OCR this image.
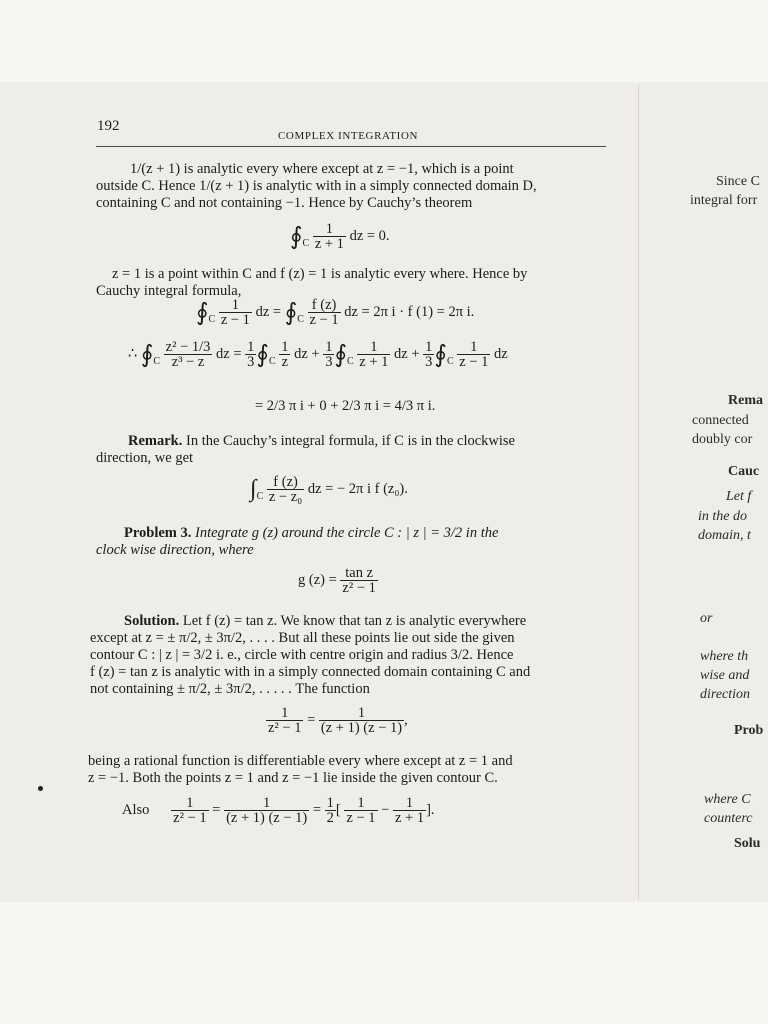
192
COMPLEX INTEGRATION
1/(z + 1) is analytic every where except at z = −1, which is a point
outside C. Hence 1/(z + 1) is analytic with in a simply connected domain D,
containing C and not containing −1. Hence by Cauchy’s theorem
$∮_C \frac{1}{z + 1}$ dz = 0.
z = 1 is a point within C and f (z) = 1 is analytic every where. Hence by
Cauchy integral formula,
$∮_C \frac{1}{z - 1}$ dz = $∮_C \frac{f (z)}{z - 1}$ dz = 2π i · f (1) = 2π i.
∴ $∮_C \frac{\text{z² − 1/3}}{\text{z³ − z}}$ dz = $\frac{1}{3}$ $∮_C \frac{1}{z}$ dz + $\frac{1}{3}$ $∮_C \frac{1}{z + 1}$ dz + $\frac{1}{3}$ $∮_C \frac{1}{z - 1}$ dz
= 2/3 π i + 0 + 2/3 π i = 4/3 π i.
Remark. In the Cauchy’s integral formula, if C is in the clockwise
direction, we get
$\int_C \frac{f (z)}{\text{z − z₀}}$ dz = − 2π i f (z₀).
Problem 3. Integrate g (z) around the circle C : | z | = 3/2 in the
clock wise direction, where
g $(z) = \frac{\text{tan z}}{\text{z² − 1}}$
Solution. Let f (z) = tan z. We know that tan z is analytic everywhere
except at z = ± π/2, ± 3π/2, . . . . But all these points lie out side the given
contour C : | z | = 3/2 i. e., circle with centre origin and radius 3/2. Hence
f (z) = tan z is analytic with in a simply connected domain containing C and
not containing ± π/2, ± 3π/2, . . . . . The function
$\frac{1}{\text{z² − 1}} = \frac{1}{(z + 1) (z - 1)}$ ,
being a rational function is differentiable every where except at z = 1 and
z = −1. Both the points z = 1 and z = −1 lie inside the given contour C.
Also $\frac{1}{\text{z² − 1}} = \frac{1}{(z + 1) (z - 1)} = \frac{1}{2}$ [ $\frac{1}{z - 1} - \frac{1}{z + 1}$ ].
Since C
integral forr
Rema
connected
doubly cor
Cauc
Let f
in the do
domain, t
or
where th
wise and
direction
Prob
where C
counterc
Solu
